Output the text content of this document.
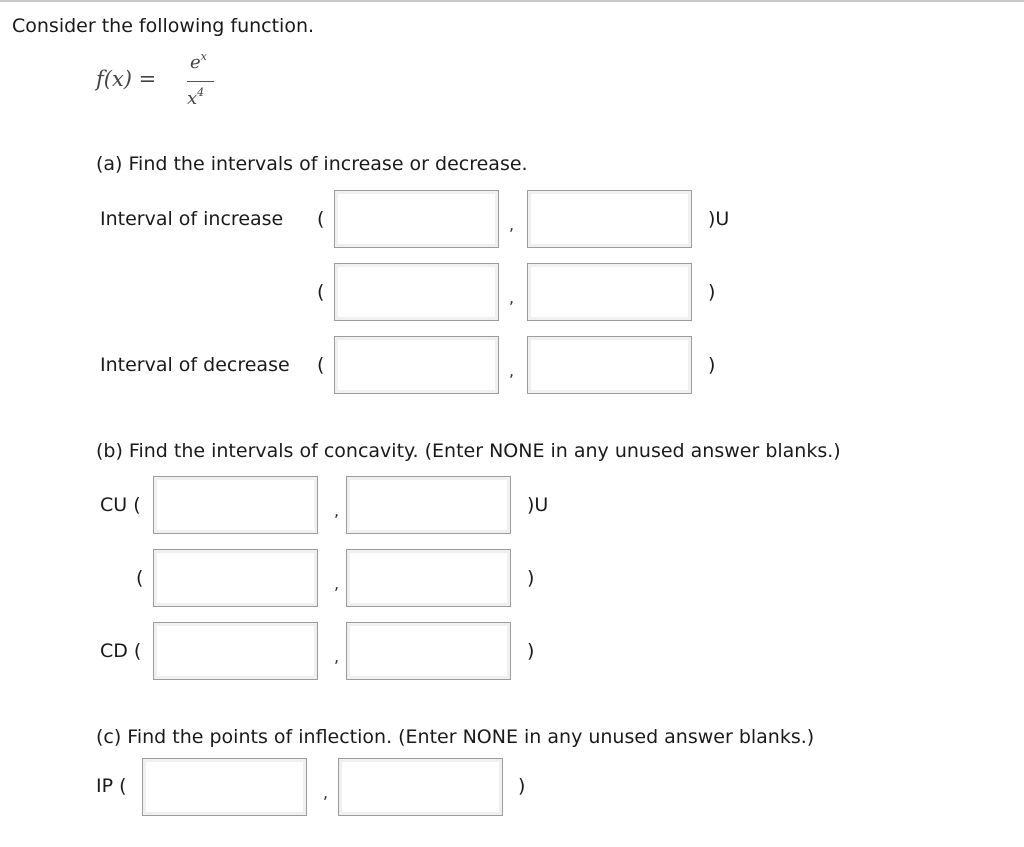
Consider the following function.
f(x) =
$e^x$
$x^4$
(a) Find the intervals of increase or decrease.
Interval of increase (	,	)U
(	,	)
Interval of decrease (	,	)
(b) Find the intervals of concavity. (Enter NONE in any unused answer blanks.)
CU (	,	)U
(	,	)
CD (	,	)
(c) Find the points of inflection. (Enter NONE in any unused answer blanks.)
IP (	,	)
